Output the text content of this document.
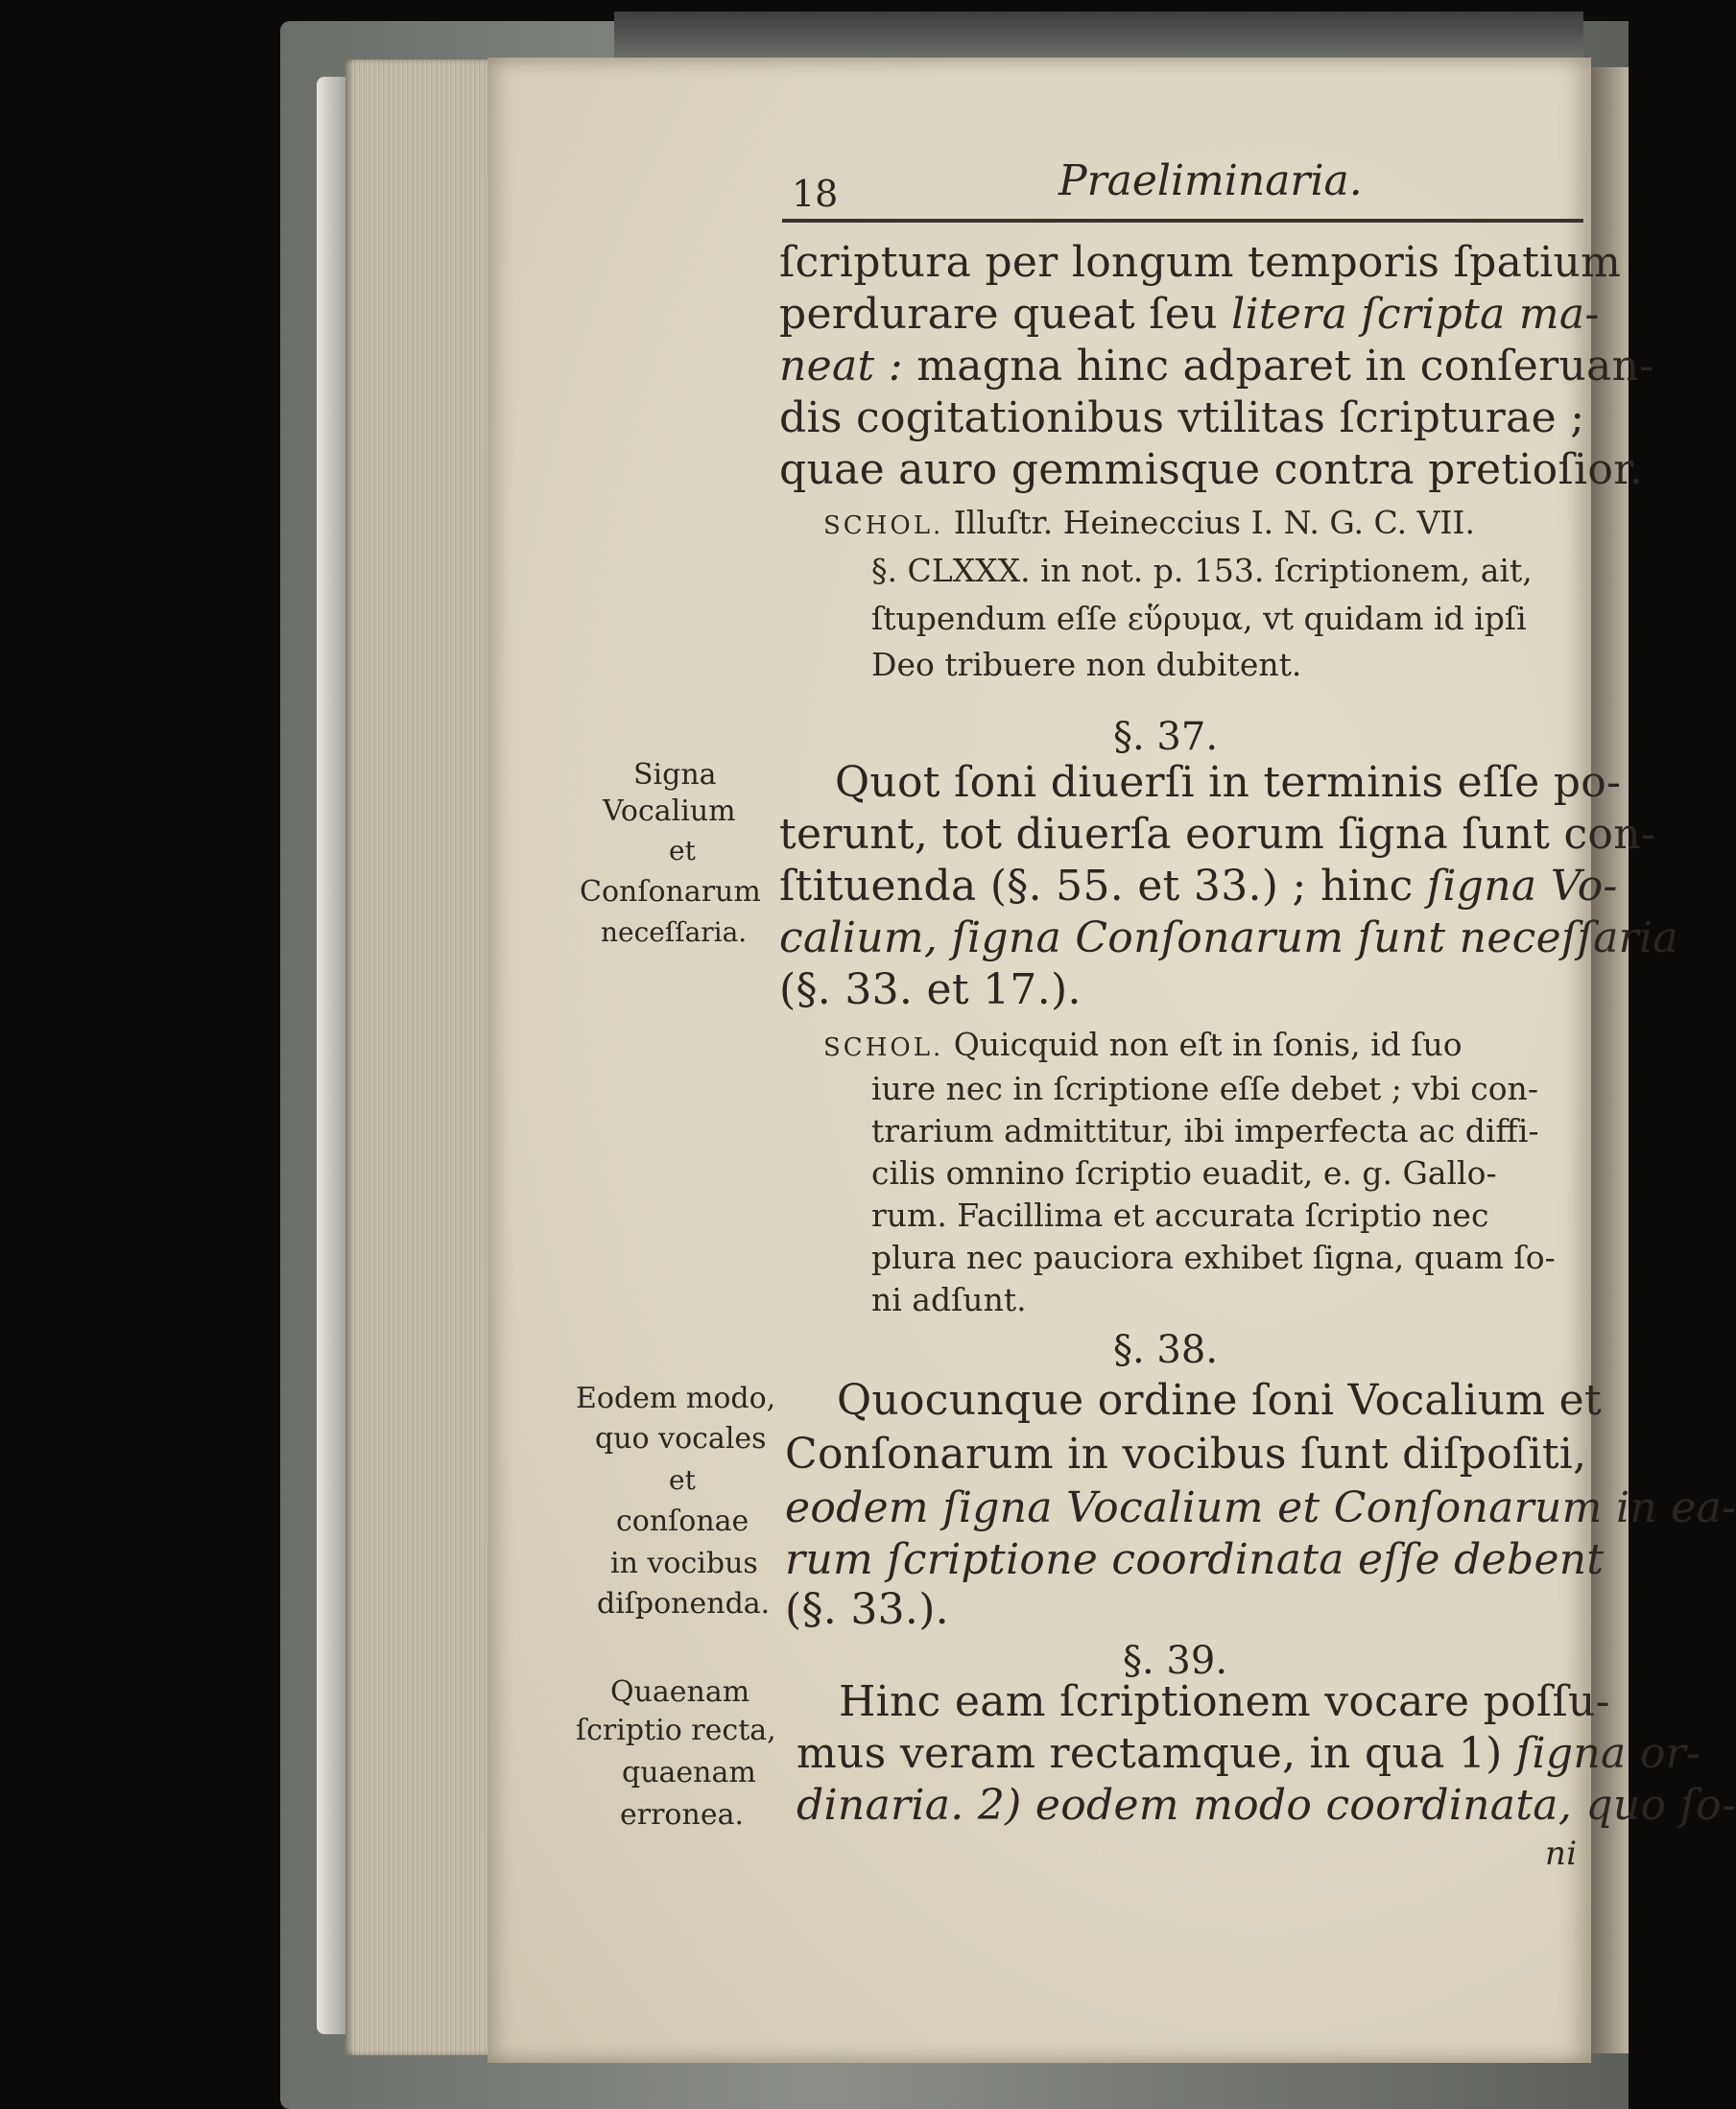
18	Praeliminaria.
ſcriptura per longum temporis ſpatium
perdurare queat ſeu litera ſcripta ma-
neat : magna hinc adparet in conſeruan-
dis cogitationibus vtilitas ſcripturae ;
quae auro gemmisque contra pretioſior.
SCHOL. Illuſtr. Heineccius I. N. G. C. VII.
§. CLXXX. in not. p. 153. ſcriptionem, ait,
ſtupendum eſſe εὕρυμα, vt quidam id ipſi
Deo tribuere non dubitent.
§. 37.
Signa
Vocalium
et
Conſonarum
neceſſaria.
Quot ſoni diuerſi in terminis eſſe po-
terunt, tot diuerſa eorum ſigna ſunt con-
ſtituenda (§. 55. et 33.) ; hinc ſigna Vo-
calium, ſigna Conſonarum ſunt neceſſaria
(§. 33. et 17.).
SCHOL. Quicquid non eſt in ſonis, id ſuo
iure nec in ſcriptione eſſe debet ; vbi con-
trarium admittitur, ibi imperfecta ac diffi-
cilis omnino ſcriptio euadit, e. g. Gallo-
rum. Facillima et accurata ſcriptio nec
plura nec pauciora exhibet ſigna, quam ſo-
ni adſunt.
§. 38.
Eodem modo,
quo vocales
et
conſonae
in vocibus
diſponenda.
Quocunque ordine ſoni Vocalium et
Conſonarum in vocibus ſunt diſpoſiti,
eodem ſigna Vocalium et Conſonarum in ea-
rum ſcriptione coordinata eſſe debent
(§. 33.).
§. 39.
Quaenam
ſcriptio recta,
quaenam
erronea.
Hinc eam ſcriptionem vocare poſſu-
mus veram rectamque, in qua 1) ſigna or-
dinaria. 2) eodem modo coordinata, quo ſo-
ni
